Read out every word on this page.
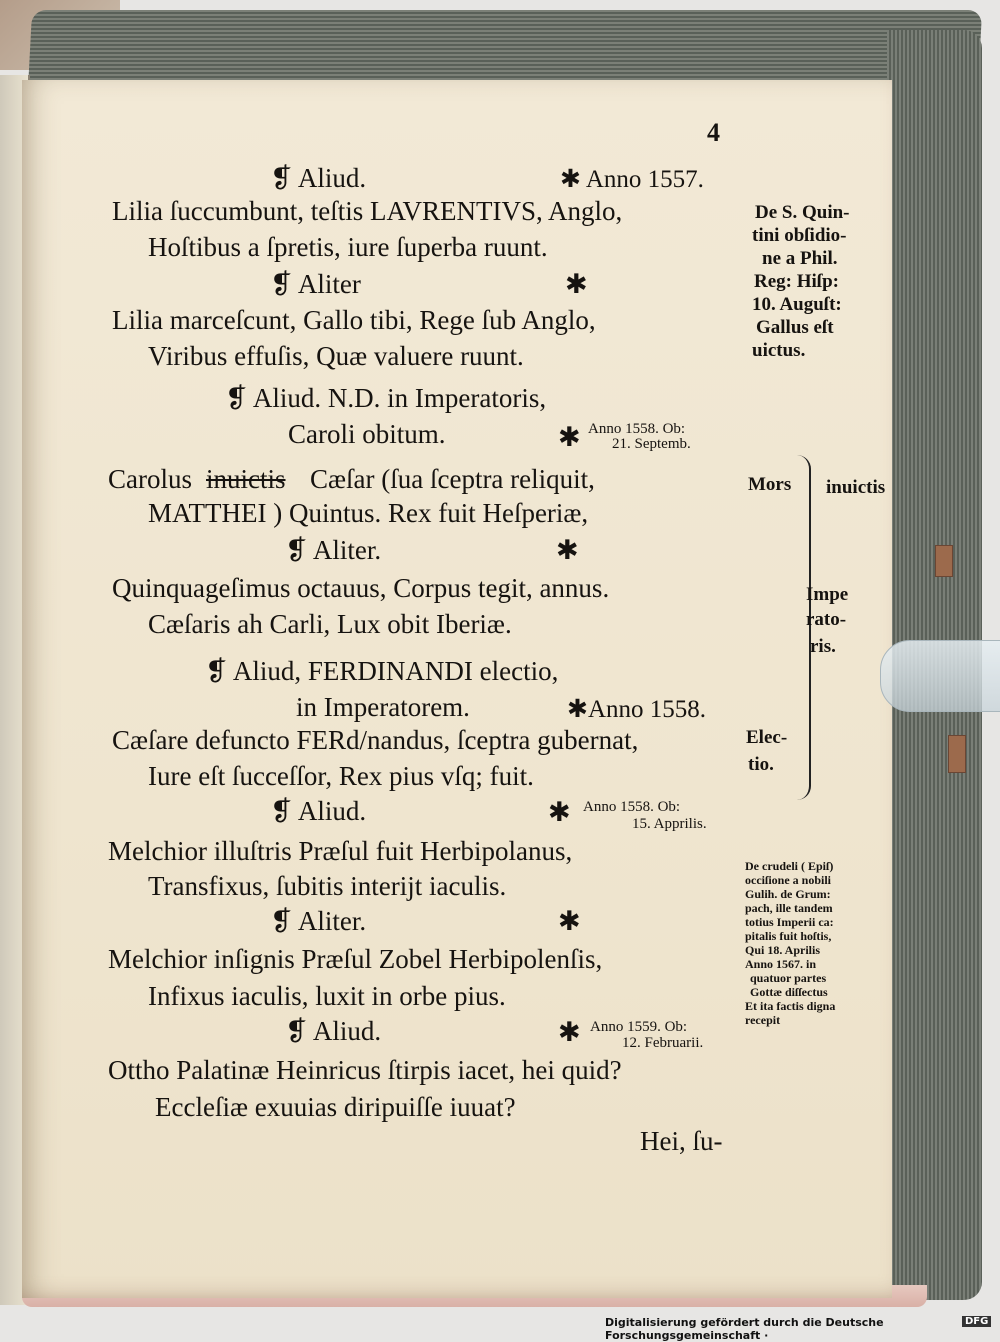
4
❡ Aliud.	✱ Anno 1557.
Lilia ſuccumbunt, teſtis LAVRENTIVS, Anglo,
Hoſtibus a ſpretis, iure ſuperba ruunt.
❡ Aliter	✱
Lilia marceſcunt, Gallo tibi, Rege ſub Anglo,
Viribus effuſis, Quæ valuere ruunt.
❡ Aliud. N.D. in Imperatoris,
Caroli obitum.	✱
Carolus inuictis Cæſar (ſua ſceptra reliquit,
MATTHEI ) Quintus. Rex fuit Heſperiæ,
❡ Aliter.	✱
Quinquageſimus octauus, Corpus tegit, annus.
Cæſaris ah Carli, Lux obit Iberiæ.
❡ Aliud, FERDINANDI electio,
in Imperatorem.	✱Anno 1558.
Cæſare defuncto FERd/nandus, ſceptra gubernat,
Iure eſt ſucceſſor, Rex pius vſq; fuit.
❡ Aliud.	✱
Melchior illuſtris Præſul fuit Herbipolanus,
Transfixus, ſubitis interijt iaculis.
❡ Aliter.	✱
Melchior inſignis Præſul Zobel Herbipolenſis,
Infixus iaculis, luxit in orbe pius.
❡ Aliud.	✱
Ottho Palatinæ Heinricus ſtirpis iacet, hei quid?
Eccleſiæ exuuias diripuiſſe iuuat?
Hei, ſu-
Anno 1558. Ob:
21. Septemb.
Anno 1558. Ob:
15. Apprilis.
Anno 1559. Ob:
12. Februarii.
De S. Quin-
tini obſidio-
ne a Phil.
Reg: Hiſp:
10. Auguſt:
Gallus eſt
uictus.
Mors inuictis
Impe
rato-
ris.
Elec-
tio.
De crudeli ( Epiſ)
occiſione a nobili
Gulih. de Grum:
pach, ille tandem
totius Imperii ca:
pitalis fuit hoſtis,
Qui 18. Aprilis
Anno 1567. in
quatuor partes
Gottæ diſſectus
Et ita factis digna
recepit
Digitalisierung gefördert durch die Deutsche Forschungsgemeinschaft ·
DFG
